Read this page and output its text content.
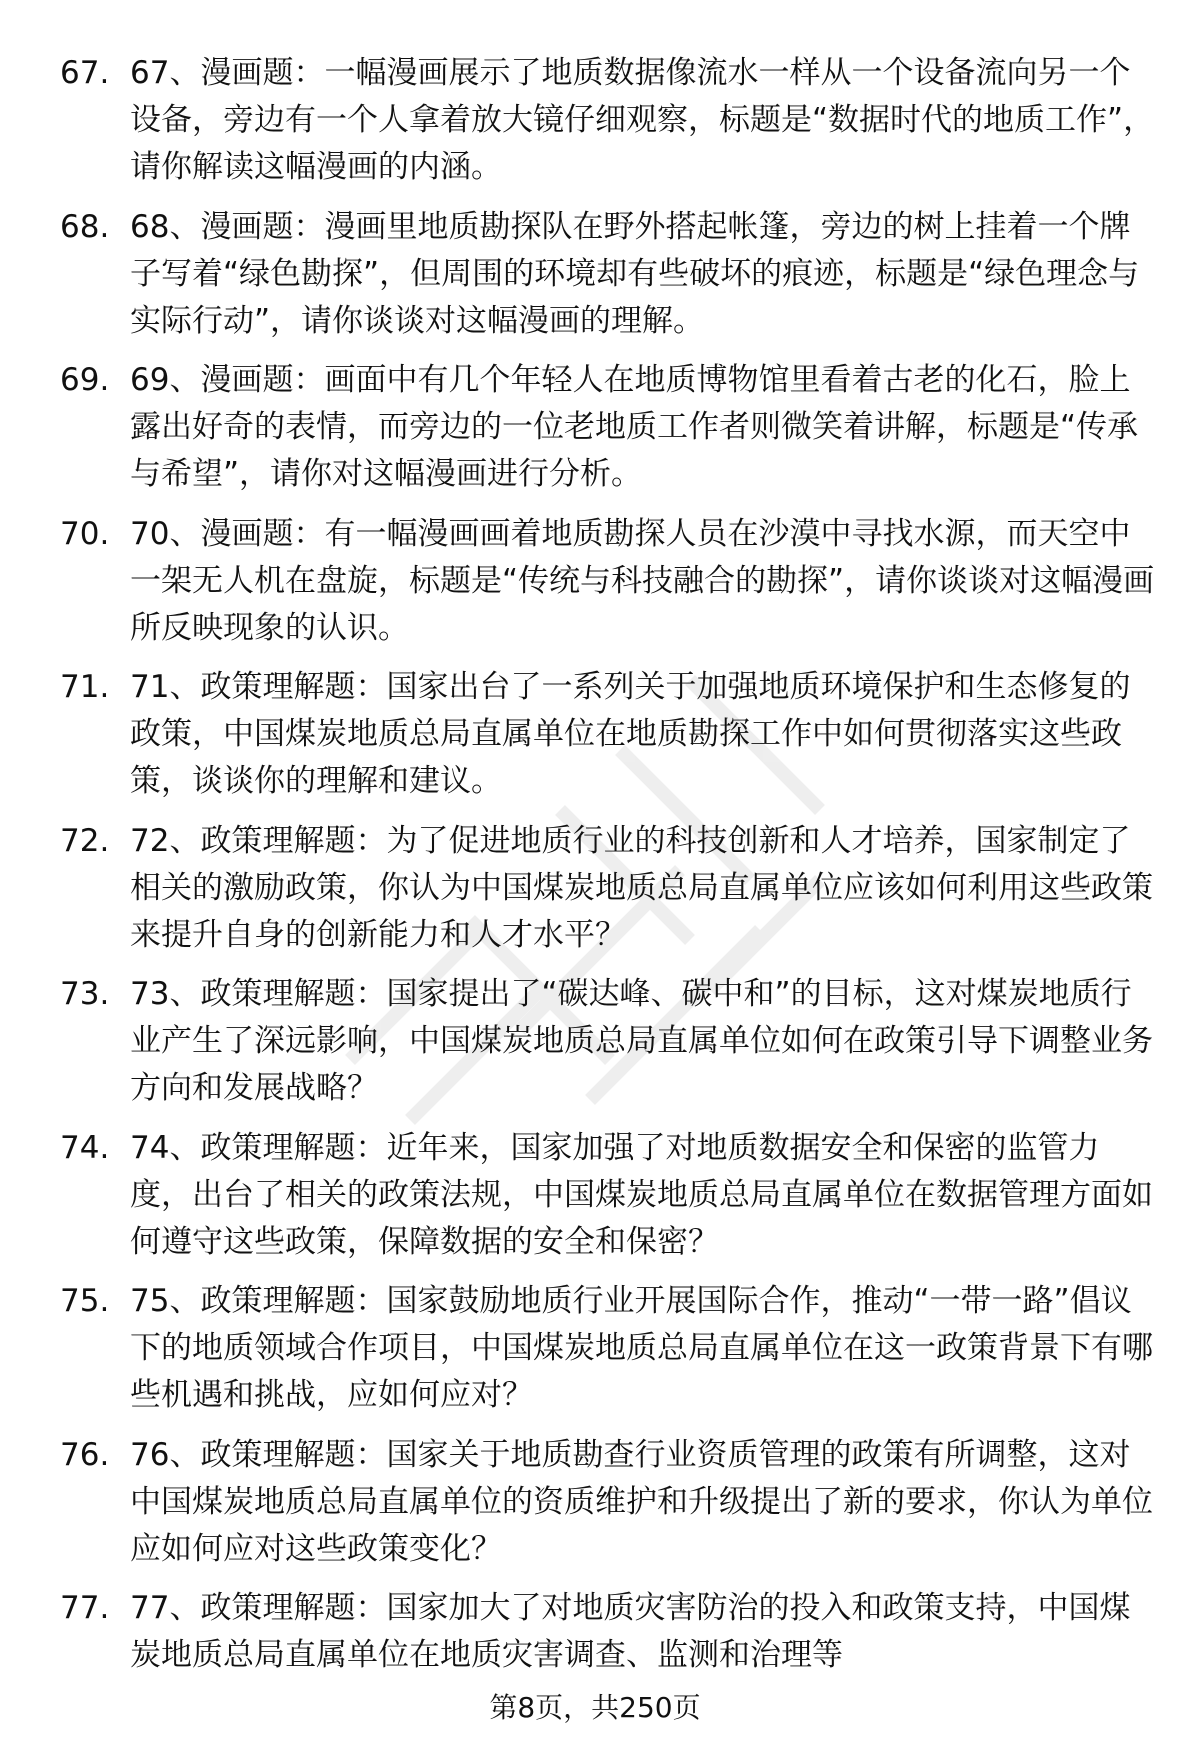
67. 67、漫画题：一幅漫画展示了地质数据像流水一样从一个设备流向另一个设备，旁边有一个人拿着放大镜仔细观察，标题是“数据时代的地质工作”，请你解读这幅漫画的内涵。
68. 68、漫画题：漫画里地质勘探队在野外搭起帐篷，旁边的树上挂着一个牌子写着“绿色勘探”，但周围的环境却有些破坏的痕迹，标题是“绿色理念与实际行动”，请你谈谈对这幅漫画的理解。
69. 69、漫画题：画面中有几个年轻人在地质博物馆里看着古老的化石，脸上露出好奇的表情，而旁边的一位老地质工作者则微笑着讲解，标题是“传承与希望”，请你对这幅漫画进行分析。
70. 70、漫画题：有一幅漫画画着地质勘探人员在沙漠中寻找水源，而天空中一架无人机在盘旋，标题是“传统与科技融合的勘探”，请你谈谈对这幅漫画所反映现象的认识。
71. 71、政策理解题：国家出台了一系列关于加强地质环境保护和生态修复的政策，中国煤炭地质总局直属单位在地质勘探工作中如何贯彻落实这些政策，谈谈你的理解和建议。
72. 72、政策理解题：为了促进地质行业的科技创新和人才培养，国家制定了相关的激励政策，你认为中国煤炭地质总局直属单位应该如何利用这些政策来提升自身的创新能力和人才水平？
73. 73、政策理解题：国家提出了“碳达峰、碳中和”的目标，这对煤炭地质行业产生了深远影响，中国煤炭地质总局直属单位如何在政策引导下调整业务方向和发展战略？
74. 74、政策理解题：近年来，国家加强了对地质数据安全和保密的监管力度，出台了相关的政策法规，中国煤炭地质总局直属单位在数据管理方面如何遵守这些政策，保障数据的安全和保密？
75. 75、政策理解题：国家鼓励地质行业开展国际合作，推动“一带一路”倡议下的地质领域合作项目，中国煤炭地质总局直属单位在这一政策背景下有哪些机遇和挑战，应如何应对？
76. 76、政策理解题：国家关于地质勘查行业资质管理的政策有所调整，这对中国煤炭地质总局直属单位的资质维护和升级提出了新的要求，你认为单位应如何应对这些政策变化？
77. 77、政策理解题：国家加大了对地质灾害防治的投入和政策支持，中国煤炭地质总局直属单位在地质灾害调查、监测和治理等
第8页，共250页
